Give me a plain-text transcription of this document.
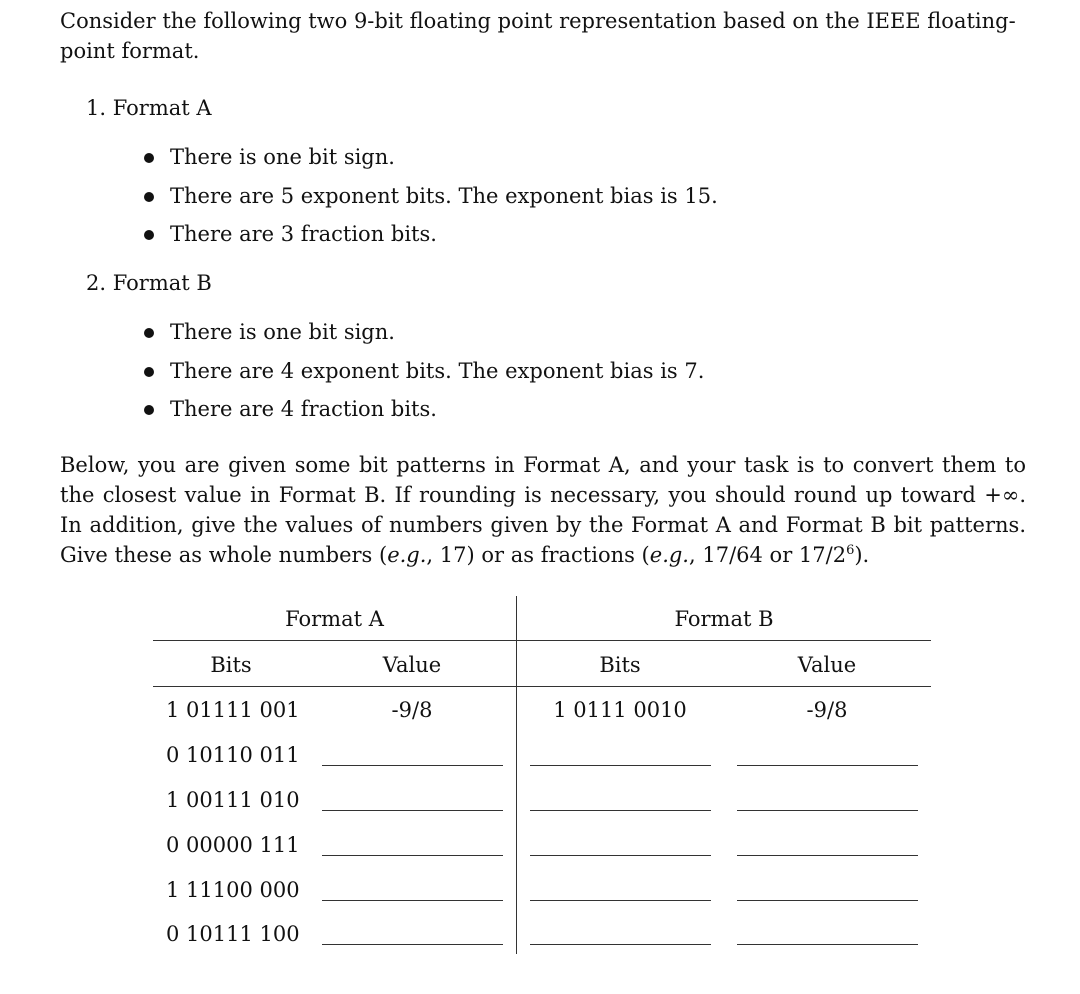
Consider the following two 9-bit floating point representation based on the IEEE floating-point format.
1. Format A
There is one bit sign.
There are 5 exponent bits. The exponent bias is 15.
There are 3 fraction bits.
2. Format B
There is one bit sign.
There are 4 exponent bits. The exponent bias is 7.
There are 4 fraction bits.
Below, you are given some bit patterns in Format A, and your task is to convert them to the closest value in Format B. If rounding is necessary, you should round up toward +∞. In addition, give the values of numbers given by the Format A and Format B bit patterns. Give these as whole numbers (e.g., 17) or as fractions (e.g., 17/64 or $17/2^6$).
Format A	Format B
Bits	Value	Bits	Value
1 01111 001	-9/8	1 0111 0010	-9/8
0 10110 011
1 00111 010
0 00000 111
1 11100 000
0 10111 100
